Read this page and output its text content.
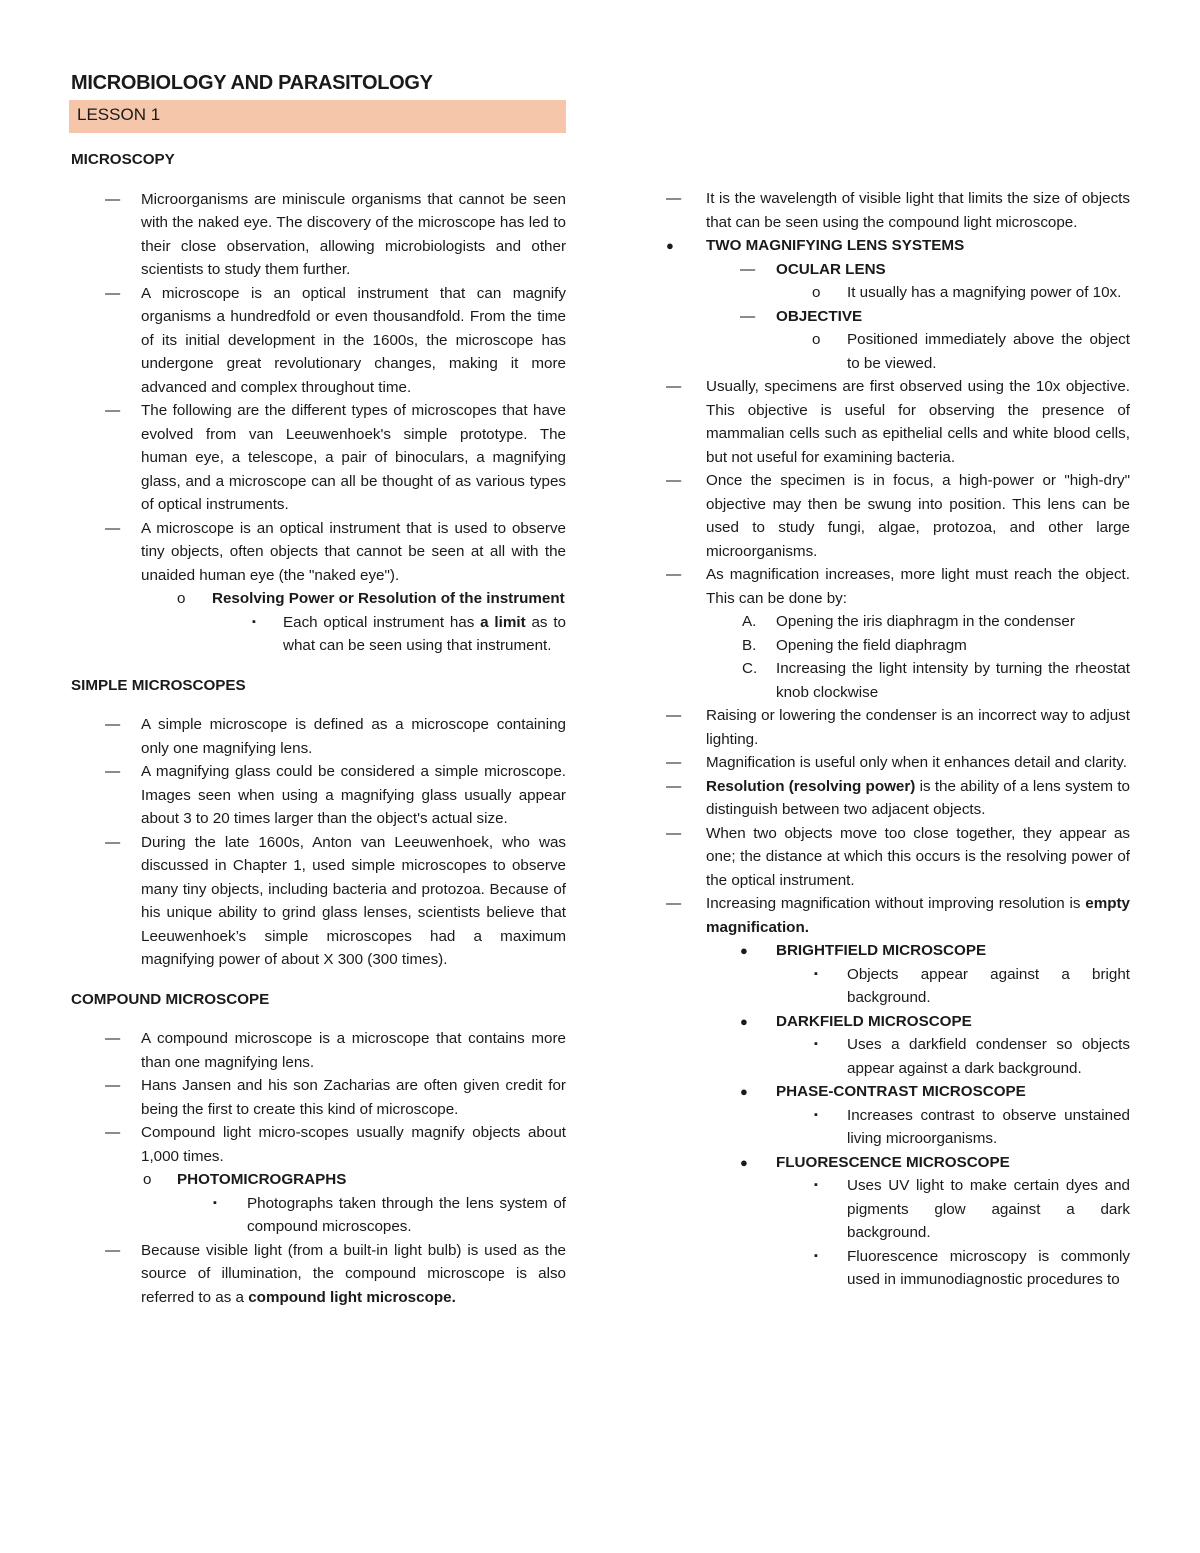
MICROBIOLOGY AND PARASITOLOGY
LESSON 1

MICROSCOPY

— Microorganisms are miniscule organisms that cannot be seen with the naked eye. The discovery of the microscope has led to their close observation, allowing microbiologists and other scientists to study them further.
— A microscope is an optical instrument that can magnify organisms a hundredfold or even thousandfold. From the time of its initial development in the 1600s, the microscope has undergone great revolutionary changes, making it more advanced and complex throughout time.
— The following are the different types of microscopes that have evolved from van Leeuwenhoek's simple prototype. The human eye, a telescope, a pair of binoculars, a magnifying glass, and a microscope can all be thought of as various types of optical instruments.
— A microscope is an optical instrument that is used to observe tiny objects, often objects that cannot be seen at all with the unaided human eye (the "naked eye").
o Resolving Power or Resolution of the instrument
▪ Each optical instrument has a limit as to what can be seen using that instrument.

SIMPLE MICROSCOPES

— A simple microscope is defined as a microscope containing only one magnifying lens.
— A magnifying glass could be considered a simple microscope. Images seen when using a magnifying glass usually appear about 3 to 20 times larger than the object's actual size.
— During the late 1600s, Anton van Leeuwenhoek, who was discussed in Chapter 1, used simple microscopes to observe many tiny objects, including bacteria and protozoa. Because of his unique ability to grind glass lenses, scientists believe that Leeuwenhoek’s simple microscopes had a maximum magnifying power of about X 300 (300 times).

COMPOUND MICROSCOPE

— A compound microscope is a microscope that contains more than one magnifying lens.
— Hans Jansen and his son Zacharias are often given credit for being the first to create this kind of microscope.
— Compound light micro-scopes usually magnify objects about 1,000 times.
o PHOTOMICROGRAPHS
▪ Photographs taken through the lens system of compound microscopes.
— Because visible light (from a built-in light bulb) is used as the source of illumination, the compound microscope is also referred to as a compound light microscope.
— It is the wavelength of visible light that limits the size of objects that can be seen using the compound light microscope.
● TWO MAGNIFYING LENS SYSTEMS
— OCULAR LENS
o It usually has a magnifying power of 10x.
— OBJECTIVE
o Positioned immediately above the object to be viewed.
— Usually, specimens are first observed using the 10x objective. This objective is useful for observing the presence of mammalian cells such as epithelial cells and white blood cells, but not useful for examining bacteria.
— Once the specimen is in focus, a high-power or "high-dry" objective may then be swung into position. This lens can be used to study fungi, algae, protozoa, and other large microorganisms.
— As magnification increases, more light must reach the object. This can be done by:
A. Opening the iris diaphragm in the condenser
B. Opening the field diaphragm
C. Increasing the light intensity by turning the rheostat knob clockwise
— Raising or lowering the condenser is an incorrect way to adjust lighting.
— Magnification is useful only when it enhances detail and clarity.
— Resolution (resolving power) is the ability of a lens system to distinguish between two adjacent objects.
— When two objects move too close together, they appear as one; the distance at which this occurs is the resolving power of the optical instrument.
— Increasing magnification without improving resolution is empty magnification.
● BRIGHTFIELD MICROSCOPE
▪ Objects appear against a bright background.
● DARKFIELD MICROSCOPE
▪ Uses a darkfield condenser so objects appear against a dark background.
● PHASE-CONTRAST MICROSCOPE
▪ Increases contrast to observe unstained living microorganisms.
● FLUORESCENCE MICROSCOPE
▪ Uses UV light to make certain dyes and pigments glow against a dark background.
▪ Fluorescence microscopy is commonly used in immunodiagnostic procedures to
